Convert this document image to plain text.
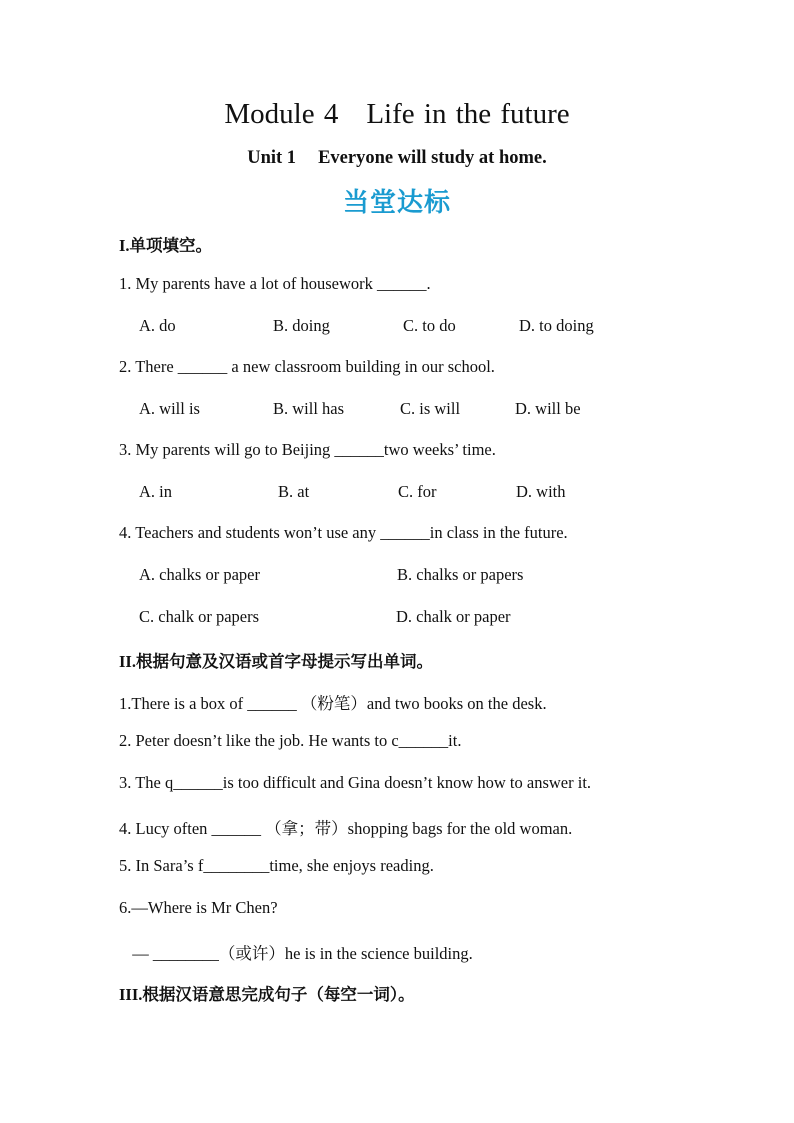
Module 4 Life in the future
Unit 1 Everyone will study at home.
当堂达标
I.单项填空。
1. My parents have a lot of housework ______.
A. do	B. doing	C. to do	D. to doing
2. There ______ a new classroom building in our school.
A. will is	B. will has	C. is will	D. will be
3. My parents will go to Beijing ______two weeks’ time.
A. in	B. at	C. for	D. with
4. Teachers and students won’t use any ______in class in the future.
A. chalks or paper	B. chalks or papers
C. chalk or papers	D. chalk or paper
II.根据句意及汉语或首字母提示写出单词。
1.There is a box of ______ （粉笔）and two books on the desk.
2. Peter doesn’t like the job. He wants to c______it.
3. The q______is too difficult and Gina doesn’t know how to answer it.
4. Lucy often ______ （拿；带）shopping bags for the old woman.
5. In Sara’s f________time, she enjoys reading.
6.—Where is Mr Chen?
— ________（或许）he is in the science building.
III.根据汉语意思完成句子（每空一词）。
